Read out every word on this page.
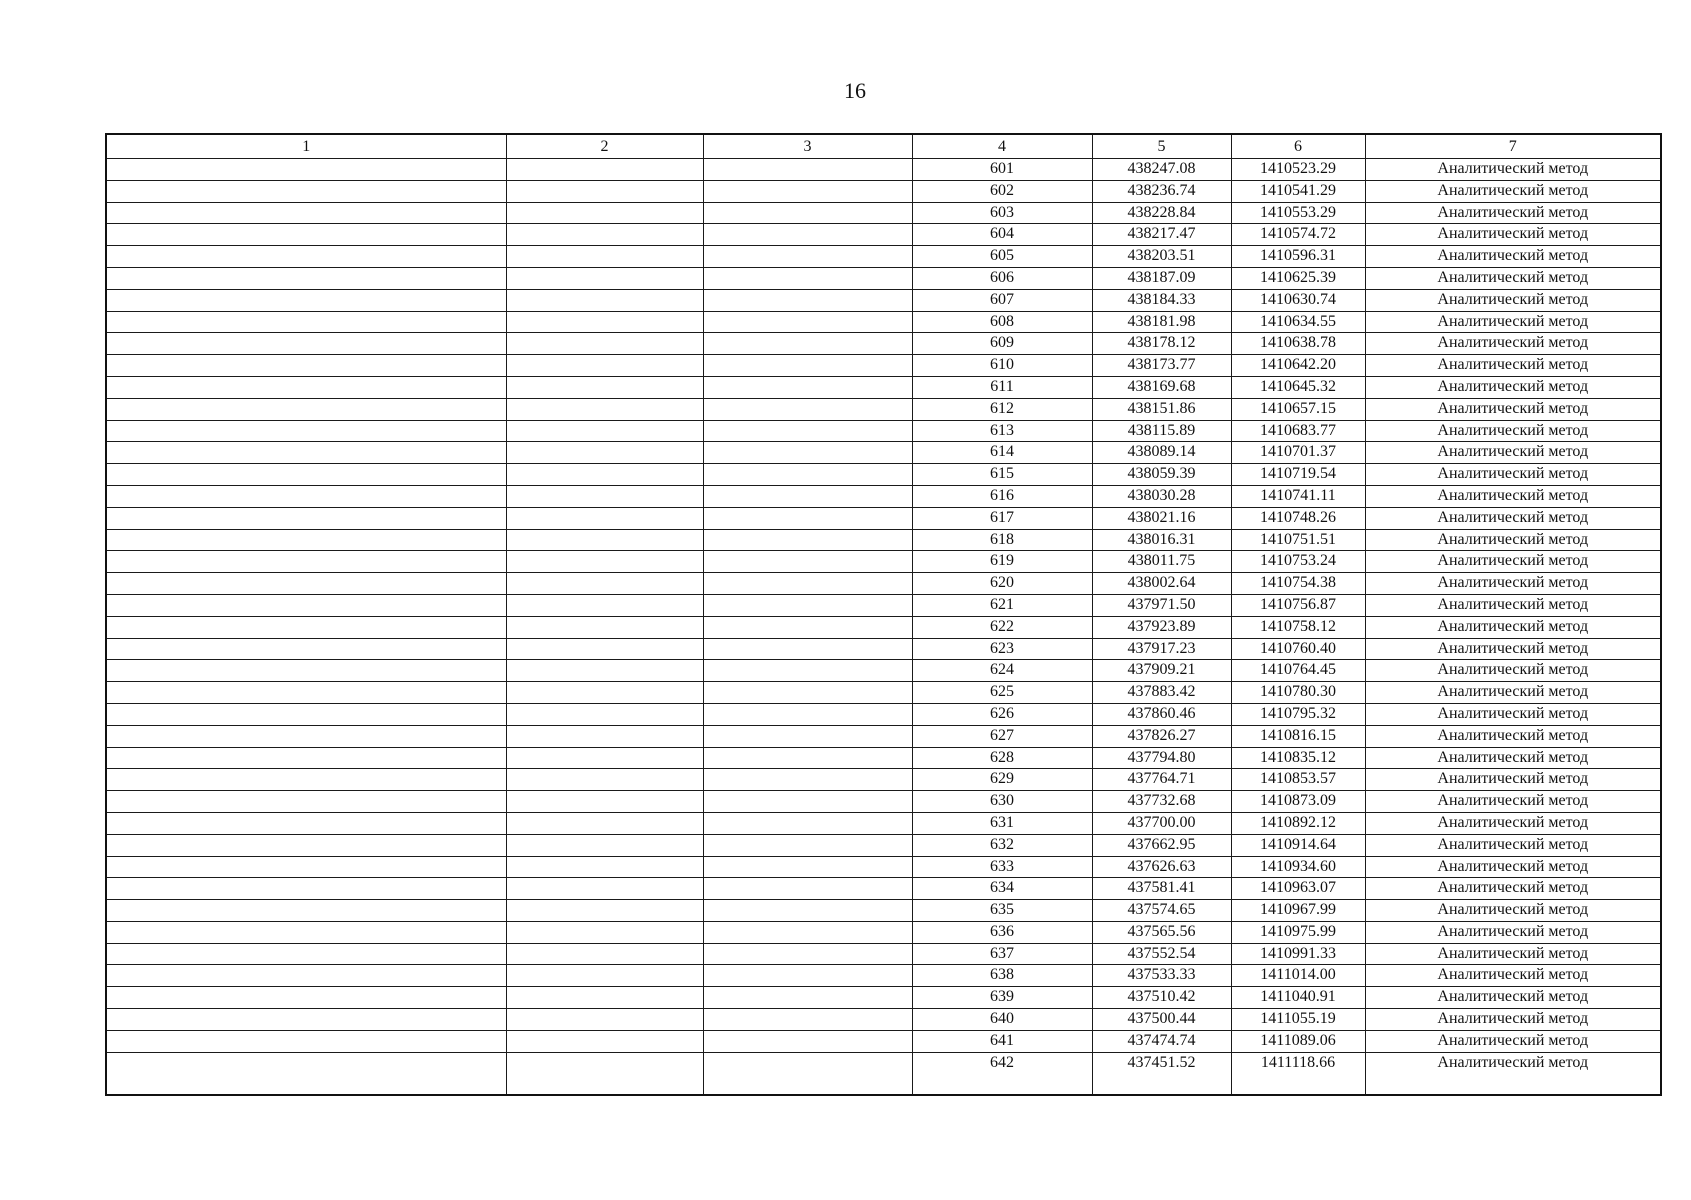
16
1	2	3	4	5	6	7
			601	438247.08	1410523.29	Аналитический метод
			602	438236.74	1410541.29	Аналитический метод
			603	438228.84	1410553.29	Аналитический метод
			604	438217.47	1410574.72	Аналитический метод
			605	438203.51	1410596.31	Аналитический метод
			606	438187.09	1410625.39	Аналитический метод
			607	438184.33	1410630.74	Аналитический метод
			608	438181.98	1410634.55	Аналитический метод
			609	438178.12	1410638.78	Аналитический метод
			610	438173.77	1410642.20	Аналитический метод
			611	438169.68	1410645.32	Аналитический метод
			612	438151.86	1410657.15	Аналитический метод
			613	438115.89	1410683.77	Аналитический метод
			614	438089.14	1410701.37	Аналитический метод
			615	438059.39	1410719.54	Аналитический метод
			616	438030.28	1410741.11	Аналитический метод
			617	438021.16	1410748.26	Аналитический метод
			618	438016.31	1410751.51	Аналитический метод
			619	438011.75	1410753.24	Аналитический метод
			620	438002.64	1410754.38	Аналитический метод
			621	437971.50	1410756.87	Аналитический метод
			622	437923.89	1410758.12	Аналитический метод
			623	437917.23	1410760.40	Аналитический метод
			624	437909.21	1410764.45	Аналитический метод
			625	437883.42	1410780.30	Аналитический метод
			626	437860.46	1410795.32	Аналитический метод
			627	437826.27	1410816.15	Аналитический метод
			628	437794.80	1410835.12	Аналитический метод
			629	437764.71	1410853.57	Аналитический метод
			630	437732.68	1410873.09	Аналитический метод
			631	437700.00	1410892.12	Аналитический метод
			632	437662.95	1410914.64	Аналитический метод
			633	437626.63	1410934.60	Аналитический метод
			634	437581.41	1410963.07	Аналитический метод
			635	437574.65	1410967.99	Аналитический метод
			636	437565.56	1410975.99	Аналитический метод
			637	437552.54	1410991.33	Аналитический метод
			638	437533.33	1411014.00	Аналитический метод
			639	437510.42	1411040.91	Аналитический метод
			640	437500.44	1411055.19	Аналитический метод
			641	437474.74	1411089.06	Аналитический метод
			642	437451.52	1411118.66	Аналитический метод
